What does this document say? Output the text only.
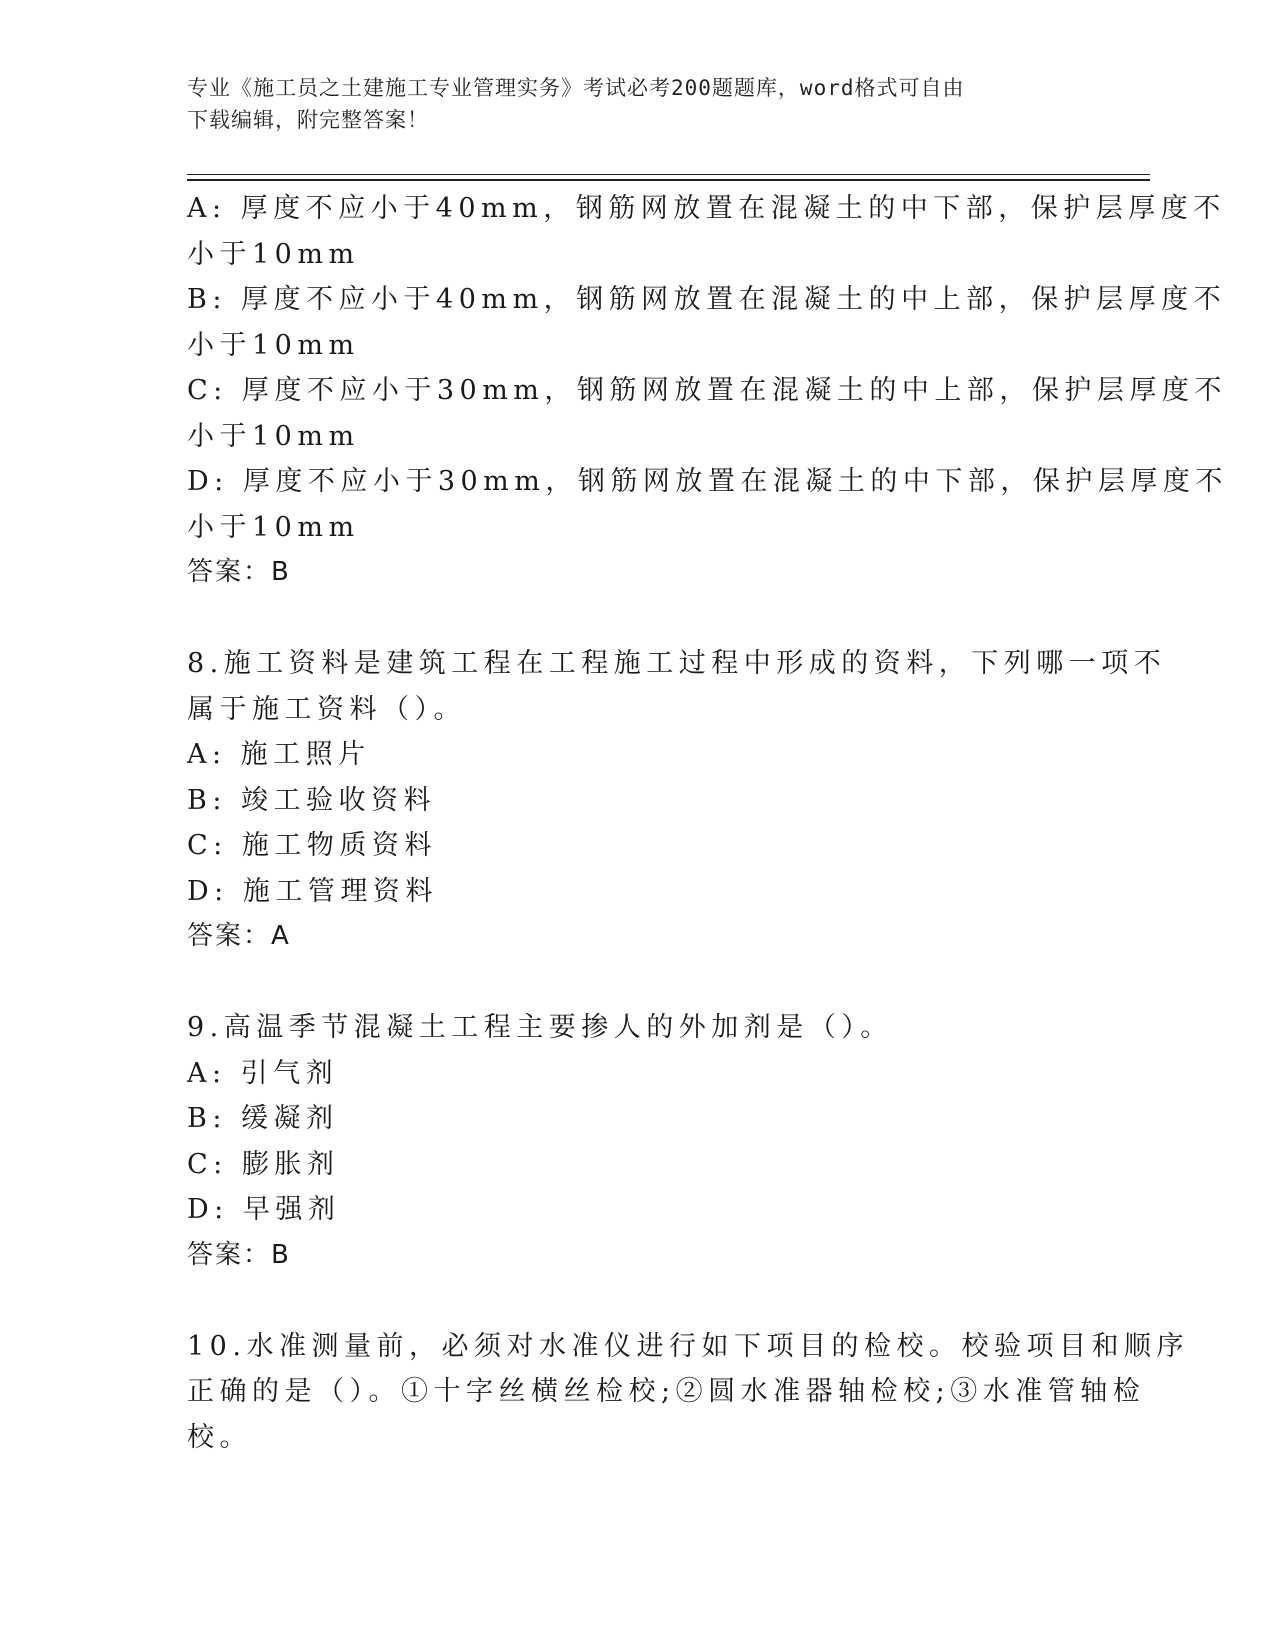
专业《施工员之土建施工专业管理实务》考试必考200题题库，word格式可自由
下载编辑，附完整答案！
A: 厚度不应小于40mm，钢筋网放置在混凝土的中下部，保护层厚度不
小于10mm
B: 厚度不应小于40mm，钢筋网放置在混凝土的中上部，保护层厚度不
小于10mm
C: 厚度不应小于30mm，钢筋网放置在混凝土的中上部，保护层厚度不
小于10mm
D: 厚度不应小于30mm，钢筋网放置在混凝土的中下部，保护层厚度不
小于10mm
答案：B
8.施工资料是建筑工程在工程施工过程中形成的资料，下列哪一项不
属于施工资料（）。
A: 施工照片
B: 竣工验收资料
C: 施工物质资料
D: 施工管理资料
答案：A
9.高温季节混凝土工程主要掺人的外加剂是（）。
A: 引气剂
B: 缓凝剂
C: 膨胀剂
D: 早强剂
答案：B
10.水准测量前，必须对水准仪进行如下项目的检校。校验项目和顺序
正确的是（）。①十字丝横丝检校;②圆水准器轴检校;③水准管轴检
校。
